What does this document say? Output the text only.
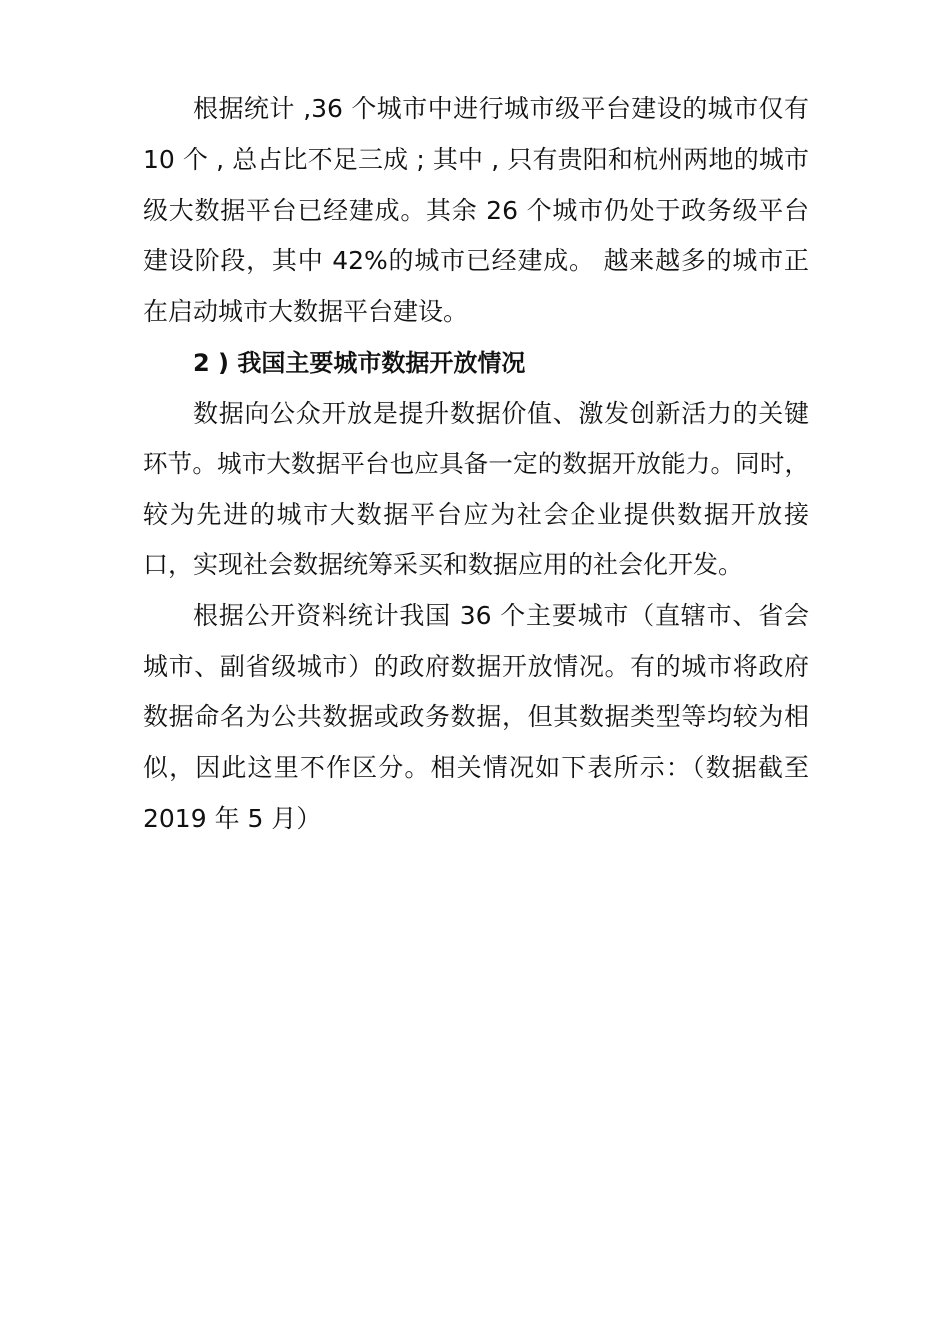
根据统计 ,36 个城市中进行城市级平台建设的城市仅有
10 个 , 总占比不足三成 ; 其中 , 只有贵阳和杭州两地的城市
级大数据平台已经建成。其余 26 个城市仍处于政务级平台
建设阶段，其中 42%的城市已经建成。 越来越多的城市正
在启动城市大数据平台建设。
2 ) 我国主要城市数据开放情况
数据向公众开放是提升数据价值、激发创新活力的关键
环节。城市大数据平台也应具备一定的数据开放能力。同时，
较为先进的城市大数据平台应为社会企业提供数据开放接
口，实现社会数据统筹采买和数据应用的社会化开发。
根据公开资料统计我国 36 个主要城市（直辖市、省会
城市、副省级城市）的政府数据开放情况。有的城市将政府
数据命名为公共数据或政务数据，但其数据类型等均较为相
似，因此这里不作区分。相关情况如下表所示：（数据截至
2019 年 5 月）
